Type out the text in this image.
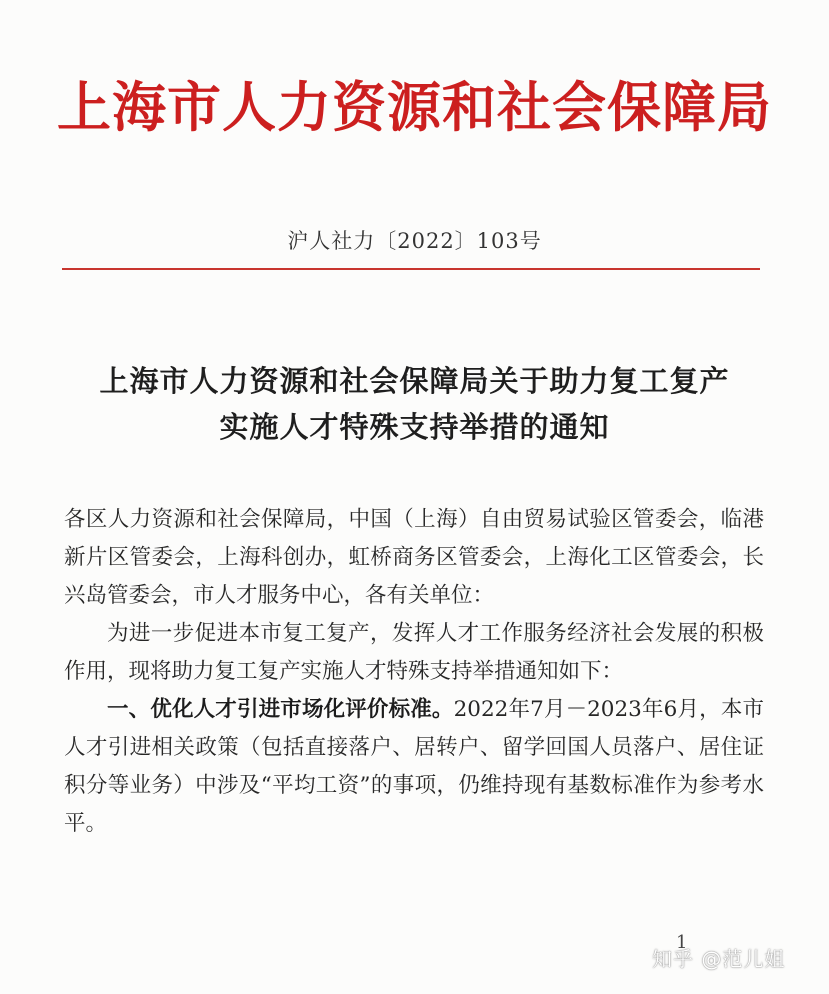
上海市人力资源和社会保障局
沪人社力〔2022〕103号
上海市人力资源和社会保障局关于助力复工复产
实施人才特殊支持举措的通知

各区人力资源和社会保障局，中国（上海）自由贸易试验区管委会，临港新片区管委会，上海科创办，虹桥商务区管委会，上海化工区管委会，长兴岛管委会，市人才服务中心，各有关单位：

为进一步促进本市复工复产，发挥人才工作服务经济社会发展的积极作用，现将助力复工复产实施人才特殊支持举措通知如下：

一、优化人才引进市场化评价标准。2022年7月－2023年6月，本市人才引进相关政策（包括直接落户、居转户、留学回国人员落户、居住证积分等业务）中涉及“平均工资”的事项，仍维持现有基数标准作为参考水平。

1
知乎 @范儿姐
